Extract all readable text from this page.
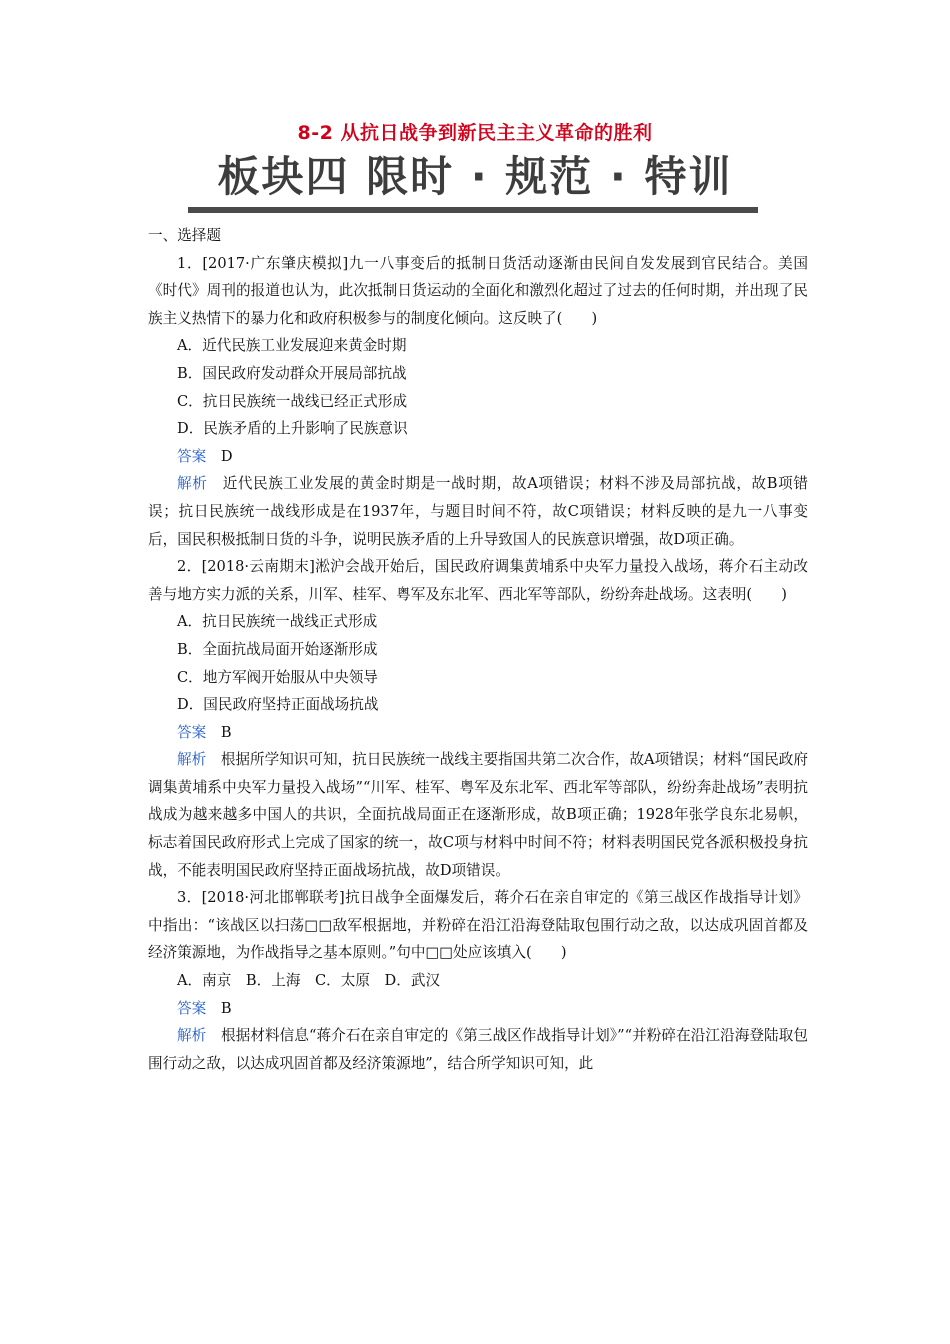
8-2 从抗日战争到新民主主义革命的胜利
板块四 限时 · 规范 · 特训

一、选择题

1．[2017·广东肇庆模拟]九一八事变后的抵制日货活动逐渐由民间自发发展到官民结合。美国《时代》周刊的报道也认为，此次抵制日货运动的全面化和激烈化超过了过去的任何时期，并出现了民族主义热情下的暴力化和政府积极参与的制度化倾向。这反映了(　　)

A．近代民族工业发展迎来黄金时期

B．国民政府发动群众开展局部抗战

C．抗日民族统一战线已经正式形成

D．民族矛盾的上升影响了民族意识

答案　 D

解析　 近代民族工业发展的黄金时期是一战时期，故A项错误；材料不涉及局部抗战，故B项错误；抗日民族统一战线形成是在1937年，与题目时间不符，故C项错误；材料反映的是九一八事变后，国民积极抵制日货的斗争，说明民族矛盾的上升导致国人的民族意识增强，故D项正确。

2．[2018·云南期末]淞沪会战开始后，国民政府调集黄埔系中央军力量投入战场，蒋介石主动改善与地方实力派的关系，川军、桂军、粤军及东北军、西北军等部队，纷纷奔赴战场。这表明(　　)

A．抗日民族统一战线正式形成

B．全面抗战局面开始逐渐形成

C．地方军阀开始服从中央领导

D．国民政府坚持正面战场抗战

答案　 B

解析　 根据所学知识可知，抗日民族统一战线主要指国共第二次合作，故A项错误；材料“国民政府调集黄埔系中央军力量投入战场”“川军、桂军、粤军及东北军、西北军等部队，纷纷奔赴战场”表明抗战成为越来越多中国人的共识，全面抗战局面正在逐渐形成，故B项正确；1928年张学良东北易帜，标志着国民政府形式上完成了国家的统一，故C项与材料中时间不符；材料表明国民党各派积极投身抗战，不能表明国民政府坚持正面战场抗战，故D项错误。

3．[2018·河北邯郸联考]抗日战争全面爆发后，蒋介石在亲自审定的《第三战区作战指导计划》中指出：“该战区以扫荡□□敌军根据地，并粉碎在沿江沿海登陆取包围行动之敌，以达成巩固首都及经济策源地，为作战指导之基本原则。”句中□□处应该填入(　　)

A．南京　B．上海　C．太原　D．武汉

答案　 B

解析　 根据材料信息“蒋介石在亲自审定的《第三战区作战指导计划》”“并粉碎在沿江沿海登陆取包围行动之敌，以达成巩固首都及经济策源地”，结合所学知识可知，此
